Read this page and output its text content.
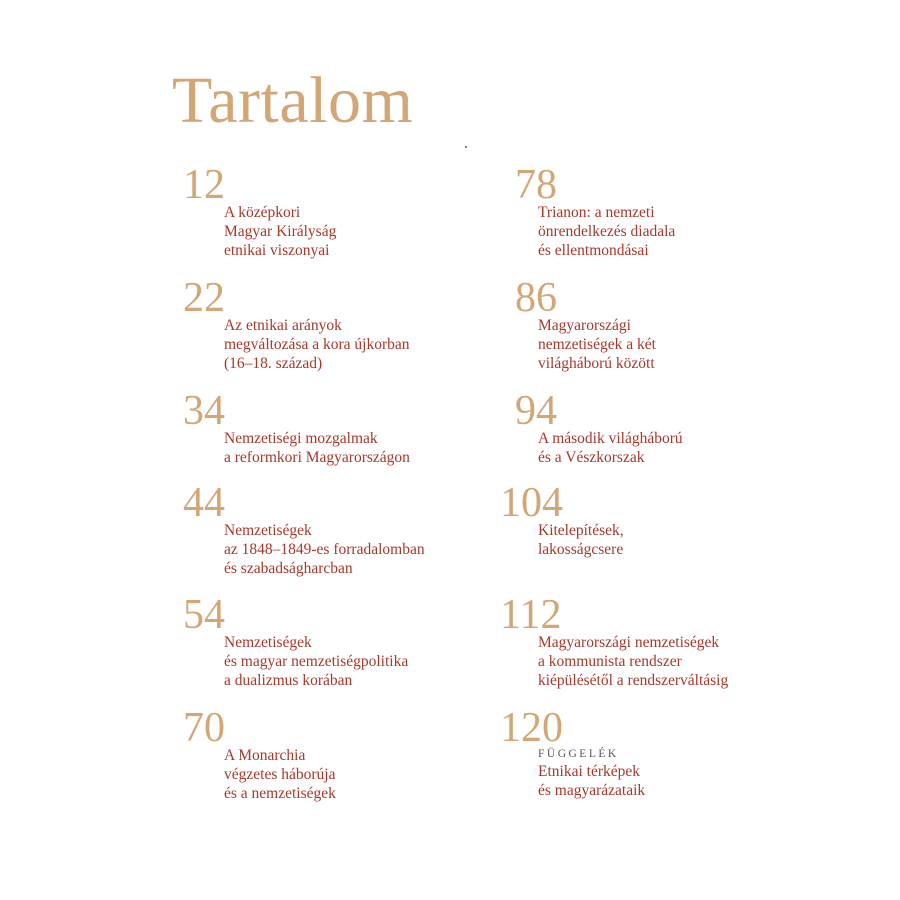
Tartalom
12
A középkori
Magyar Királyság
etnikai viszonyai
22
Az etnikai arányok
megváltozása a kora újkorban
(16–18. század)
34
Nemzetiségi mozgalmak
a reformkori Magyarországon
44
Nemzetiségek
az 1848–1849-es forradalomban
és szabadságharcban
54
Nemzetiségek
és magyar nemzetiségpolitika
a dualizmus korában
70
A Monarchia
végzetes háborúja
és a nemzetiségek
78
Trianon: a nemzeti
önrendelkezés diadala
és ellentmondásai
86
Magyarországi
nemzetiségek a két
világháború között
94
A második világháború
és a Vészkorszak
104
Kitelepítések,
lakosságcsere
112
Magyarországi nemzetiségek
a kommunista rendszer
kiépülésétől a rendszerváltásig
120
FÜGGELÉK
Etnikai térképek
és magyarázataik
